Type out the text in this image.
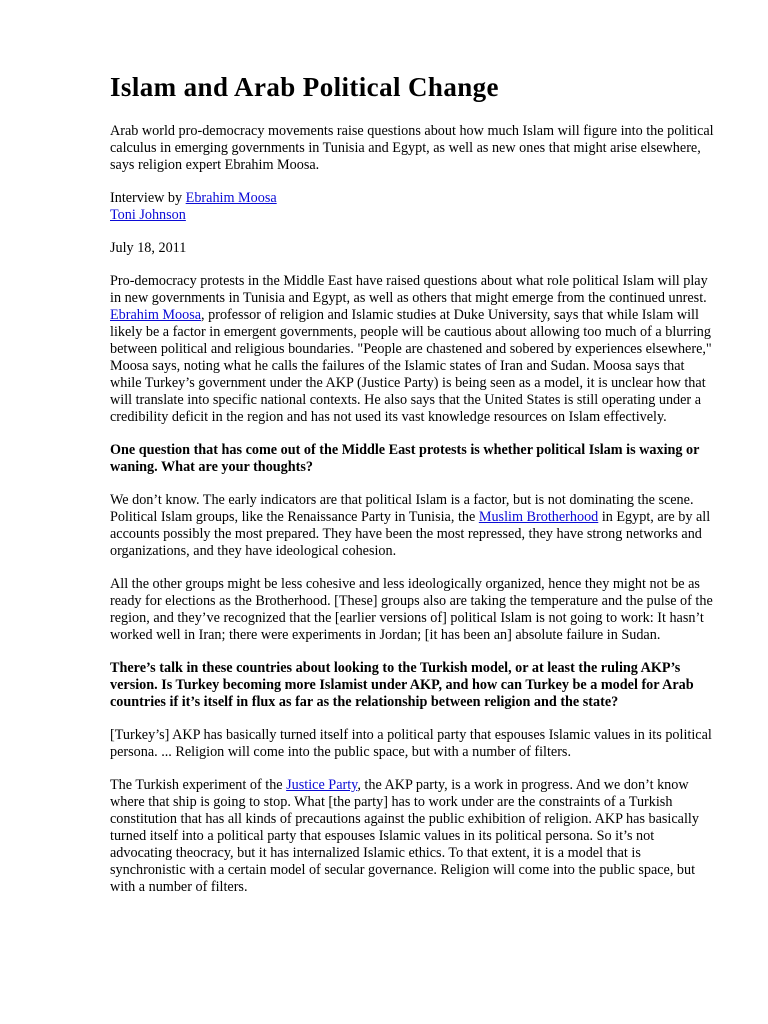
Islam and Arab Political Change

Arab world pro-democracy movements raise questions about how much Islam will figure into the political calculus in emerging governments in Tunisia and Egypt, as well as new ones that might arise elsewhere, says religion expert Ebrahim Moosa.

Interview by Ebrahim Moosa
Toni Johnson

July 18, 2011

Pro-democracy protests in the Middle East have raised questions about what role political Islam will play in new governments in Tunisia and Egypt, as well as others that might emerge from the continued unrest. Ebrahim Moosa, professor of religion and Islamic studies at Duke University, says that while Islam will likely be a factor in emergent governments, people will be cautious about allowing too much of a blurring between political and religious boundaries. "People are chastened and sobered by experiences elsewhere," Moosa says, noting what he calls the failures of the Islamic states of Iran and Sudan. Moosa says that while Turkey’s government under the AKP (Justice Party) is being seen as a model, it is unclear how that will translate into specific national contexts. He also says that the United States is still operating under a credibility deficit in the region and has not used its vast knowledge resources on Islam effectively.

One question that has come out of the Middle East protests is whether political Islam is waxing or waning. What are your thoughts?

We don’t know. The early indicators are that political Islam is a factor, but is not dominating the scene. Political Islam groups, like the Renaissance Party in Tunisia, the Muslim Brotherhood in Egypt, are by all accounts possibly the most prepared. They have been the most repressed, they have strong networks and organizations, and they have ideological cohesion.

All the other groups might be less cohesive and less ideologically organized, hence they might not be as ready for elections as the Brotherhood. [These] groups also are taking the temperature and the pulse of the region, and they’ve recognized that the [earlier versions of] political Islam is not going to work: It hasn’t worked well in Iran; there were experiments in Jordan; [it has been an] absolute failure in Sudan.

There’s talk in these countries about looking to the Turkish model, or at least the ruling AKP’s version. Is Turkey becoming more Islamist under AKP, and how can Turkey be a model for Arab countries if it’s itself in flux as far as the relationship between religion and the state?

[Turkey’s] AKP has basically turned itself into a political party that espouses Islamic values in its political persona. ... Religion will come into the public space, but with a number of filters.

The Turkish experiment of the Justice Party, the AKP party, is a work in progress. And we don’t know where that ship is going to stop. What [the party] has to work under are the constraints of a Turkish constitution that has all kinds of precautions against the public exhibition of religion. AKP has basically turned itself into a political party that espouses Islamic values in its political persona. So it’s not advocating theocracy, but it has internalized Islamic ethics. To that extent, it is a model that is synchronistic with a certain model of secular governance. Religion will come into the public space, but with a number of filters.
